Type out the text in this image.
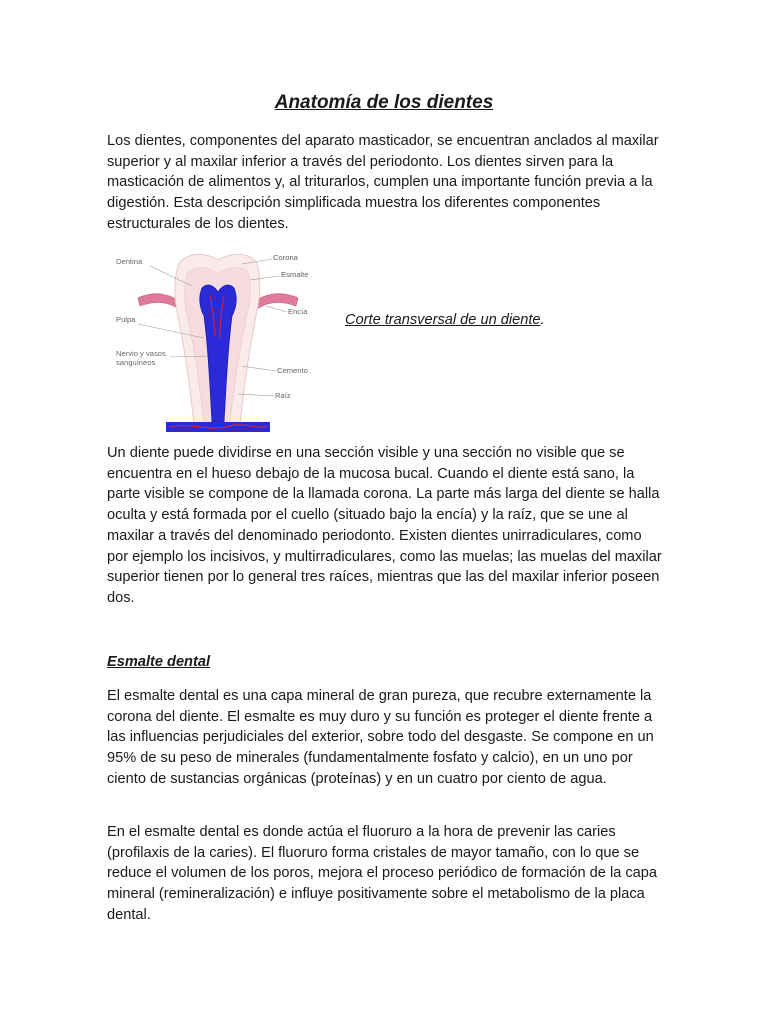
Anatomía de los dientes

Los dientes, componentes del aparato masticador, se encuentran anclados al maxilar superior y al maxilar inferior a través del periodonto. Los dientes sirven para la masticación de alimentos y, al triturarlos, cumplen una importante función previa a la digestión. Esta descripción simplificada muestra los diferentes componentes estructurales de los dientes.

Dentina	Corona
Esmalte
Encía
Pulpa
Nervio y vasos
sanguíneos
Cemento
Raíz
Corte transversal de un diente.

Un diente puede dividirse en una sección visible y una sección no visible que se encuentra en el hueso debajo de la mucosa bucal. Cuando el diente está sano, la parte visible se compone de la llamada corona. La parte más larga del diente se halla oculta y está formada por el cuello (situado bajo la encía) y la raíz, que se une al maxilar a través del denominado periodonto. Existen dientes unirradiculares, como por ejemplo los incisivos, y multirradiculares, como las muelas; las muelas del maxilar superior tienen por lo general tres raíces, mientras que las del maxilar inferior poseen dos.

Esmalte dental

El esmalte dental es una capa mineral de gran pureza, que recubre externamente la corona del diente. El esmalte es muy duro y su función es proteger el diente frente a las influencias perjudiciales del exterior, sobre todo del desgaste. Se compone en un 95% de su peso de minerales (fundamentalmente fosfato y calcio), en un uno por ciento de sustancias orgánicas (proteínas) y en un cuatro por ciento de agua.

En el esmalte dental es donde actúa el fluoruro a la hora de prevenir las caries (profilaxis de la caries). El fluoruro forma cristales de mayor tamaño, con lo que se reduce el volumen de los poros, mejora el proceso periódico de formación de la capa mineral (remineralización) e influye positivamente sobre el metabolismo de la placa dental.
